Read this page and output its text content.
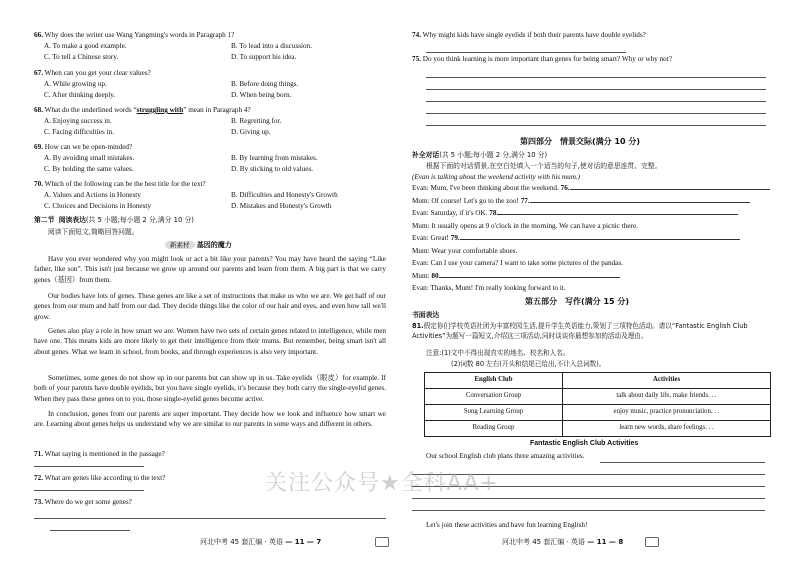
66. Why does the writer use Wang Yangming's words in Paragraph 1?
A. To make a good example.	B. To lead into a discussion.
C. To tell a Chinese story.	D. To support his idea.
67. When can you get your clear values?
A. While growing up.	B. Before doing things.
C. After thinking deeply.	D. When being born.
68. What do the underlined words “struggling with” mean in Paragraph 4?
A. Enjoying success in.	B. Regretting for.
C. Facing difficulties in.	D. Giving up.
69. How can we be open-minded?
A. By avoiding small mistakes.	B. By learning from mistakes.
C. By holding the same values.	D. By sticking to old values.
70. Which of the following can be the best title for the text?
A. Values and Actions in Honesty	B. Difficulties and Honesty's Growth
C. Choices and Decisions in Honesty	D. Mistakes and Honesty's Growth
第二节 阅读表达(共 5 小题;每小题 2 分,满分 10 分)
阅读下面短文,简略回答问题。
新素材 基因的魔力
Have you ever wondered why you might look or act a bit like your parents? You may have heard the saying “Like father, like son”. This isn't just because we grow up around our parents and learn from them. A big part is that we carry genes（基因）from them.
Our bodies have lots of genes. These genes are like a set of instructions that make us who we are. We get half of our genes from our mum and half from our dad. They decide things like the color of our hair and eyes, and even how tall we'll grow.
Genes also play a role in how smart we are. Women have two sets of certain genes related to intelligence, while men have one. This means kids are more likely to get their intelligence from their mums. But remember, being smart isn't all about genes. What we learn in school, from books, and through experiences is also very important.
Sometimes, some genes do not show up in our parents but can show up in us. Take eyelids（眼皮）for example. If both of your parents have double eyelids, but you have single eyelids, it's because they both carry the single-eyelid genes. When they pass these genes on to you, those single-eyelid genes become active.
In conclusion, genes from our parents are super important. They decide how we look and influence how smart we are. Learning about genes helps us understand why we are similar to our parents in some ways and different in others.
71. What saying is mentioned in the passage?
72. What are genes like according to the text?
73. Where do we get some genes?
河北中考 45 套汇编 · 英语 — 11 — 7
74. Why might kids have single eyelids if both their parents have double eyelids?
75. Do you think learning is more important than genes for being smart? Why or why not?
第四部分　情景交际(满分 10 分)
补全对话(共 5 小题;每小题 2 分,满分 10 分)
根据下面的对话情景,在空白处填入一个适当的句子,使对话的意思连贯、完整。
(Evan is talking about the weekend activity with his mum.)
Evan: Mum, I've been thinking about the weekend. 76.
Mum: Of course! Let's go to the zoo! 77.
Evan: Saturday, if it's OK. 78.
Mum: It usually opens at 9 o'clock in the morning. We can have a picnic there.
Evan: Great! 79.
Mum: Wear your comfortable shoes.
Evan: Can I use your camera? I want to take some pictures of the pandas.
Mum: 80.
Evan: Thanks, Mum! I'm really looking forward to it.
第五部分　写作(满分 15 分)
书面表达
81.假定你们学校英语社团为丰富校园生活,提升学生英语能力,策划了三项特色活动。请以“Fantastic English Club Activities”为题写一篇短文,介绍这三项活动,同时谈谈你最想参加的活动及理由。
注意:(1)文中不得出现真实的地名、校名和人名。
(2)词数 80 左右(开头和结尾已给出,不计入总词数)。
English Club	Activities
Conversation Group	talk about daily life, make friends. . .
Song Learning Group	enjoy music, practice pronunciation. . .
Reading Group	learn new words, share feelings. . .
Fantastic English Club Activities
Our school English club plans three amazing activities.
Let's join these activities and have fun learning English!
河北中考 45 套汇编 · 英语 — 11 — 8
关注公众号★全科AA+
